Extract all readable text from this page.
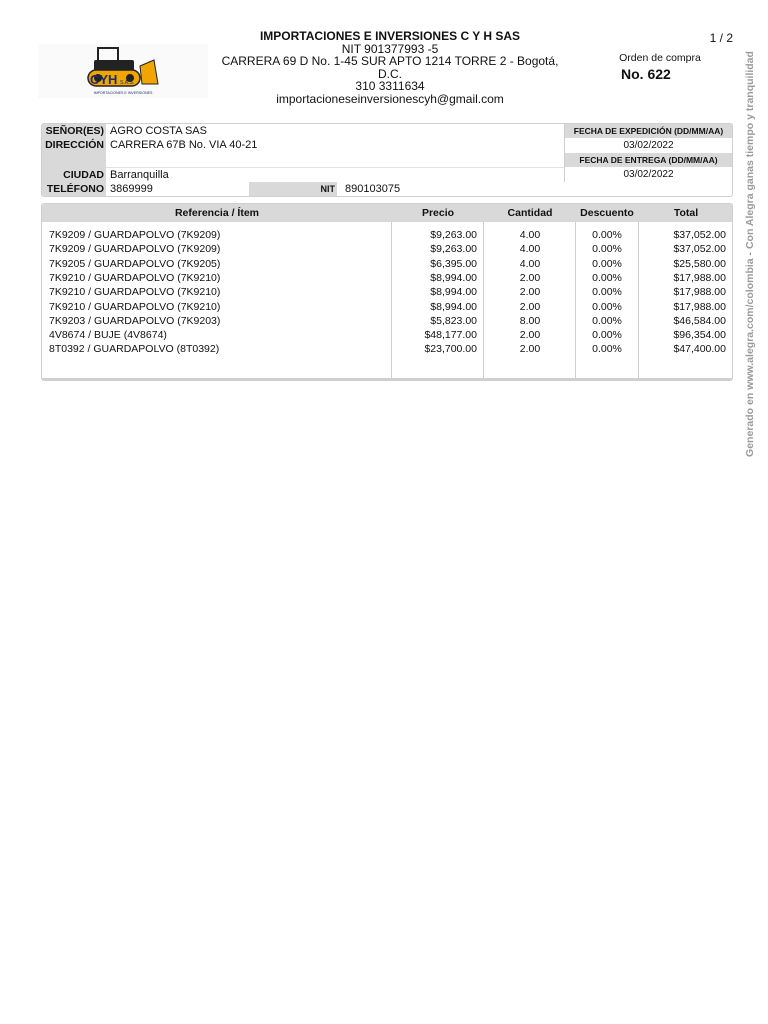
1 / 2
CYH S.A.S.
IMPORTACIONES E INVERSIONES
IMPORTACIONES E INVERSIONES C Y H SAS
NIT 901377993 -5
CARRERA 69 D No. 1-45 SUR APTO 1214 TORRE 2 - Bogotá,
D.C.
310 3311634
importacioneseinversionescyh@gmail.com
Orden de compra
No. 622
SEÑOR(ES) AGRO COSTA SAS
DIRECCIÓN CARRERA 67B No. VIA 40-21
CIUDAD Barranquilla
TELÉFONO 3869999	NIT 890103075
FECHA DE EXPEDICIÓN (DD/MM/AA)
03/02/2022
FECHA DE ENTREGA (DD/MM/AA)
03/02/2022
Referencia / Ítem	Precio	Cantidad	Descuento	Total
7K9209 / GUARDAPOLVO (7K9209)	$9,263.00	4.00	0.00%	$37,052.00
7K9209 / GUARDAPOLVO (7K9209)	$9,263.00	4.00	0.00%	$37,052.00
7K9205 / GUARDAPOLVO (7K9205)	$6,395.00	4.00	0.00%	$25,580.00
7K9210 / GUARDAPOLVO (7K9210)	$8,994.00	2.00	0.00%	$17,988.00
7K9210 / GUARDAPOLVO (7K9210)	$8,994.00	2.00	0.00%	$17,988.00
7K9210 / GUARDAPOLVO (7K9210)	$8,994.00	2.00	0.00%	$17,988.00
7K9203 / GUARDAPOLVO (7K9203)	$5,823.00	8.00	0.00%	$46,584.00
4V8674 / BUJE (4V8674)	$48,177.00	2.00	0.00%	$96,354.00
8T0392 / GUARDAPOLVO (8T0392)	$23,700.00	2.00	0.00%	$47,400.00 Generado en www.alegra.com/colombia - Con Alegra ganas tiempo y tranquilidad
